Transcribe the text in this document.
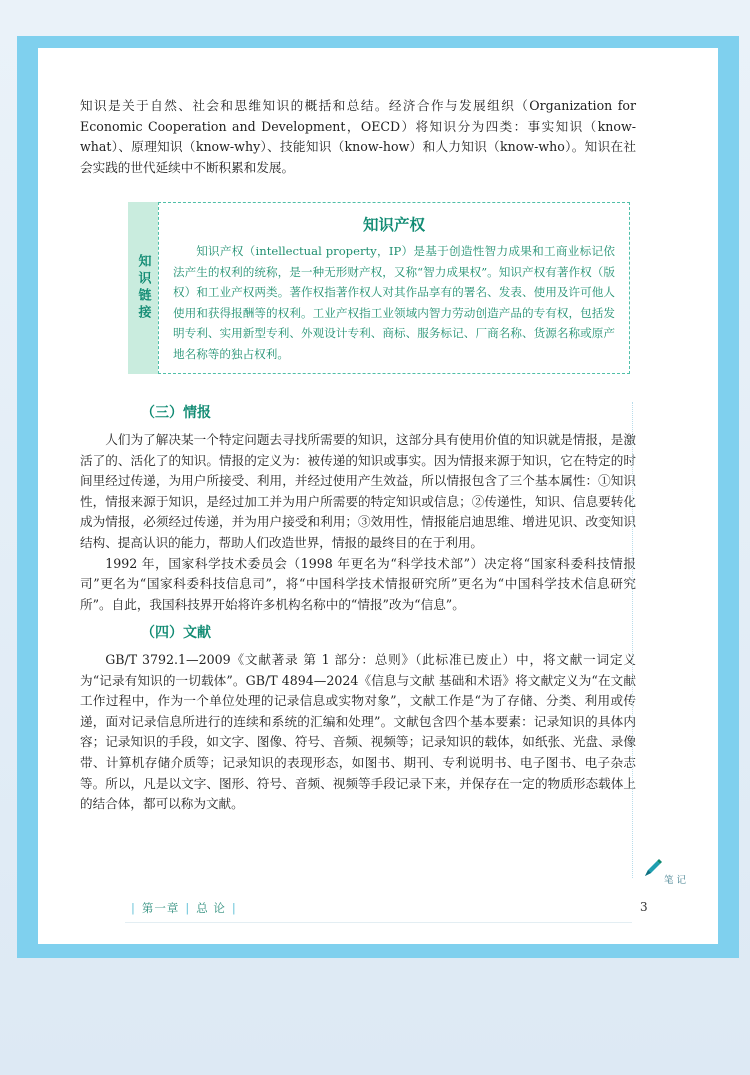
知识是关于自然、社会和思维知识的概括和总结。经济合作与发展组织（Organization for Economic Cooperation and Development，OECD）将知识分为四类：事实知识（know-what）、原理知识（know-why）、技能知识（know-how）和人力知识（know-who）。知识在社会实践的世代延续中不断积累和发展。

知识链接
知识产权

知识产权（intellectual property，IP）是基于创造性智力成果和工商业标记依法产生的权利的统称，是一种无形财产权，又称“智力成果权”。知识产权有著作权（版权）和工业产权两类。著作权指著作权人对其作品享有的署名、发表、使用及许可他人使用和获得报酬等的权利。工业产权指工业领域内智力劳动创造产品的专有权，包括发明专利、实用新型专利、外观设计专利、商标、服务标记、厂商名称、货源名称或原产地名称等的独占权利。

（三）情报

人们为了解决某一个特定问题去寻找所需要的知识，这部分具有使用价值的知识就是情报，是激活了的、活化了的知识。情报的定义为：被传递的知识或事实。因为情报来源于知识，它在特定的时间里经过传递，为用户所接受、利用，并经过使用产生效益，所以情报包含了三个基本属性：①知识性，情报来源于知识，是经过加工并为用户所需要的特定知识或信息；②传递性，知识、信息要转化成为情报，必须经过传递，并为用户接受和利用；③效用性，情报能启迪思维、增进见识、改变知识结构、提高认识的能力，帮助人们改造世界，情报的最终目的在于利用。

1992 年，国家科学技术委员会（1998 年更名为“科学技术部”）决定将“国家科委科技情报司”更名为“国家科委科技信息司”，将“中国科学技术情报研究所”更名为“中国科学技术信息研究所”。自此，我国科技界开始将许多机构名称中的“情报”改为“信息”。

（四）文献

GB/T 3792.1—2009《文献著录 第 1 部分：总则》（此标准已废止）中，将文献一词定义为“记录有知识的一切载体”。GB/T 4894—2024《信息与文献 基础和术语》将文献定义为“在文献工作过程中，作为一个单位处理的记录信息或实物对象”，文献工作是“为了存储、分类、利用或传递，面对记录信息所进行的连续和系统的汇编和处理”。文献包含四个基本要素：记录知识的具体内容；记录知识的手段，如文字、图像、符号、音频、视频等；记录知识的载体，如纸张、光盘、录像带、计算机存储介质等；记录知识的表现形态，如图书、期刊、专利说明书、电子图书、电子杂志等。所以，凡是以文字、图形、符号、音频、视频等手段记录下来，并保存在一定的物质形态载体上的结合体，都可以称为文献。

笔记
| 第一章 | 总 论 |	3
